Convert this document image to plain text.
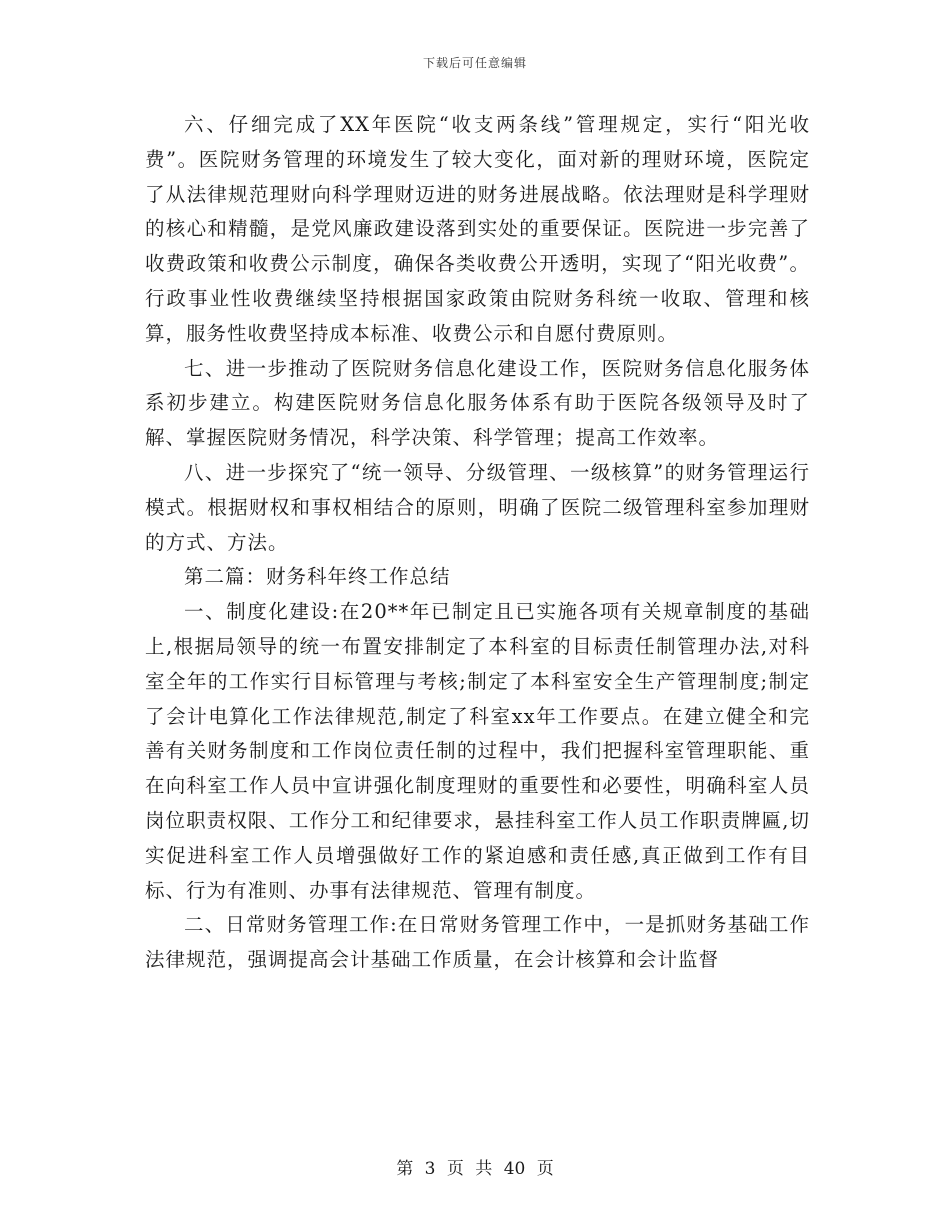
下载后可任意编辑

六、仔细完成了XX年医院“收支两条线”管理规定，实行“阳光收费”。医院财务管理的环境发生了较大变化，面对新的理财环境，医院定了从法律规范理财向科学理财迈进的财务进展战略。依法理财是科学理财的核心和精髓，是党风廉政建设落到实处的重要保证。医院进一步完善了收费政策和收费公示制度，确保各类收费公开透明，实现了“阳光收费”。行政事业性收费继续坚持根据国家政策由院财务科统一收取、管理和核算，服务性收费坚持成本标准、收费公示和自愿付费原则。

七、进一步推动了医院财务信息化建设工作，医院财务信息化服务体系初步建立。构建医院财务信息化服务体系有助于医院各级领导及时了解、掌握医院财务情况，科学决策、科学管理；提高工作效率。

八、进一步探究了“统一领导、分级管理、一级核算”的财务管理运行模式。根据财权和事权相结合的原则，明确了医院二级管理科室参加理财的方式、方法。

第二篇：财务科年终工作总结

一、制度化建设:在20**年已制定且已实施各项有关规章制度的基础上,根据局领导的统一布置安排制定了本科室的目标责任制管理办法,对科室全年的工作实行目标管理与考核;制定了本科室安全生产管理制度;制定了会计电算化工作法律规范,制定了科室xx年工作要点。在建立健全和完善有关财务制度和工作岗位责任制的过程中，我们把握科室管理职能、重在向科室工作人员中宣讲强化制度理财的重要性和必要性，明确科室人员岗位职责权限、工作分工和纪律要求，悬挂科室工作人员工作职责牌匾,切实促进科室工作人员增强做好工作的紧迫感和责任感,真正做到工作有目标、行为有准则、办事有法律规范、管理有制度。

二、日常财务管理工作:在日常财务管理工作中，一是抓财务基础工作法律规范，强调提高会计基础工作质量，在会计核算和会计监督

第 3 页 共 40 页
